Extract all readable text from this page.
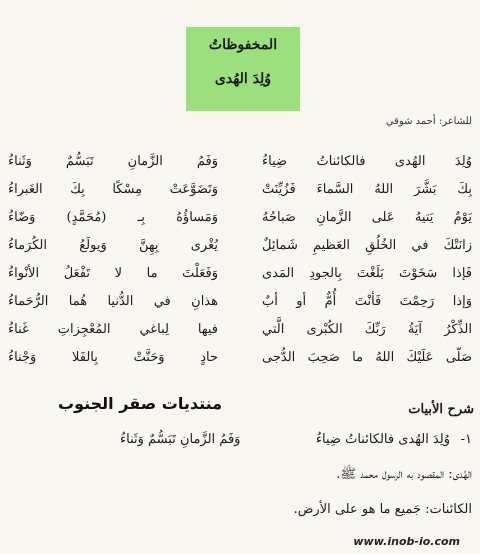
المخفوظاتُ
وُلِدَ الهُدى
للشاعر: أحمد شوقي
وُلِدَ الهُدى فالكائناتُ ضِياءُ
وَفَمُ الزَّمانِ تَبَسُّمٌ وَثَناءُ
بِكَ بَشَّرَ اللهُ السَّماءَ فَزُيِّنَتْ
وَتَضَوَّعَتْ مِسْكًا بِكَ الغَبراءُ
يَوْمٌ يَتيهُ عَلى الزَّمانِ صَباحُهُ
وَمَساؤُهُ بِـ (مُحَمَّدٍ) وَضّاءُ
زانَتْكَ في الخُلُقِ العَظيمِ شَمائِلٌ
يُغْرى بِهِنَّ وَيولَعُ الكُرَماءُ
فَإذا سَخَوْتَ بَلَغْتَ بِالجودِ المَدى
وَفَعَلْتَ ما لا تَفْعَلُ الأنْواءُ
وَإذا رَحِمْتَ فَأنْتَ أُمٌّ أو أبٌ
هذانِ في الدُّنيا هُما الرُّحَماءُ
الذِّكْرُ آيَةُ رَبِّكَ الكُبْرى الَّتي
فيها لِباغي المُعْجِزاتِ غَناءُ
صَلّى عَلَيْكَ اللهُ ما صَحِبَ الدُّجى
حادٍ وَحَنَّتْ بِالفَلا وَجْناءُ
منتديات صقر الجنوب	شرح الأبيات
١-
وُلِدَ الهُدى فالكائناتُ ضِياءُ
وَفَمُ الزَّمانِ تَبَسُّمٌ وَثَناءُ
الهُدى: المقصود به الرسول محمد ﷺ.
الكائنات: جَميع ما هو على الأرض.
www.inob-io.com
